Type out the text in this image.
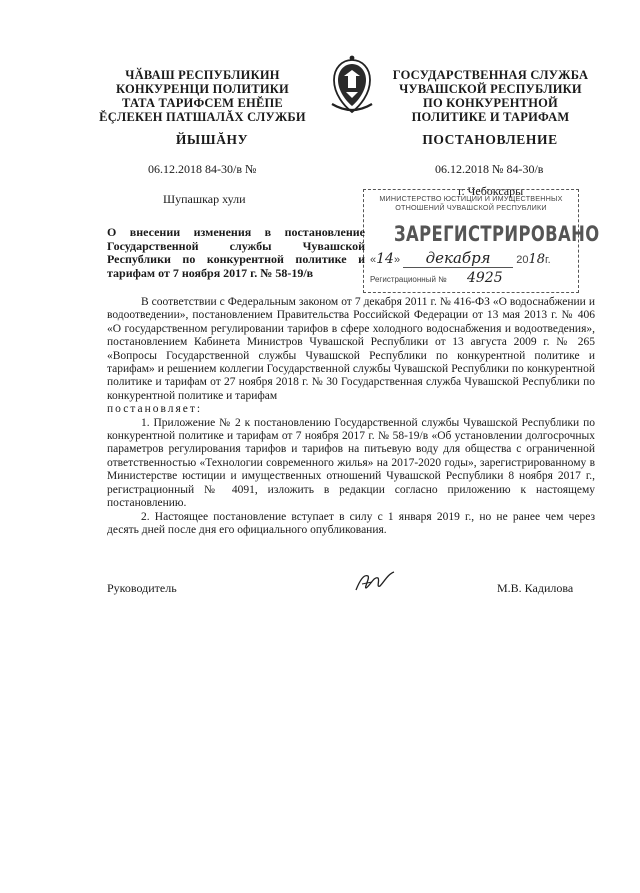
ЧӐВАШ РЕСПУБЛИКИН
КОНКУРЕНЦИ ПОЛИТИКИ
ТАТА ТАРИФСЕМ ЕНĔПЕ
ĔÇЛЕКЕН ПАТШАЛĂХ СЛУЖБИ
ЙЫШĂНУ
06.12.2018 84-30/в №
Шупашкар хули
ГОСУДАРСТВЕННАЯ СЛУЖБА
ЧУВАШСКОЙ РЕСПУБЛИКИ
ПО КОНКУРЕНТНОЙ
ПОЛИТИКЕ И ТАРИФАМ
ПОСТАНОВЛЕНИЕ
06.12.2018 № 84-30/в
г. Чебоксары
МИНИСТЕРСТВО ЮСТИЦИИ И ИМУЩЕСТВЕННЫХ
ОТНОШЕНИЙ ЧУВАШСКОЙ РЕСПУБЛИКИ
ЗАРЕГИСТРИРОВАНО
«14» декабря 2018г.
Регистрационный № 4925
О внесении изменения в постановление Государственной службы Чувашской Республики по конкурентной политике и тарифам от 7 ноября 2017 г. № 58-19/в

В соответствии с Федеральным законом от 7 декабря 2011 г. № 416-ФЗ «О водоснабжении и водоотведении», постановлением Правительства Российской Федерации от 13 мая 2013 г. № 406 «О государственном регулировании тарифов в сфере холодного водоснабжения и водоотведения», постановлением Кабинета Министров Чувашской Республики от 13 августа 2009 г. № 265 «Вопросы Государственной службы Чувашской Республики по конкурентной политике и тарифам» и решением коллегии Государственной службы Чувашской Республики по конкурентной политике и тарифам от 27 ноября 2018 г. № 30 Государственная служба Чувашской Республики по конкурентной политике и тарифам

постановляет:

1. Приложение № 2 к постановлению Государственной службы Чувашской Республики по конкурентной политике и тарифам от 7 ноября 2017 г. № 58-19/в «Об установлении долгосрочных параметров регулирования тарифов и тарифов на питьевую воду для общества с ограниченной ответственностью «Технологии современного жилья» на 2017-2020 годы», зарегистрированному в Министерстве юстиции и имущественных отношений Чувашской Республики 8 ноября 2017 г., регистрационный № 4091, изложить в редакции согласно приложению к настоящему постановлению.

2. Настоящее постановление вступает в силу с 1 января 2019 г., но не ранее чем через десять дней после дня его официального опубликования.

Руководитель	М.В. Кадилова
